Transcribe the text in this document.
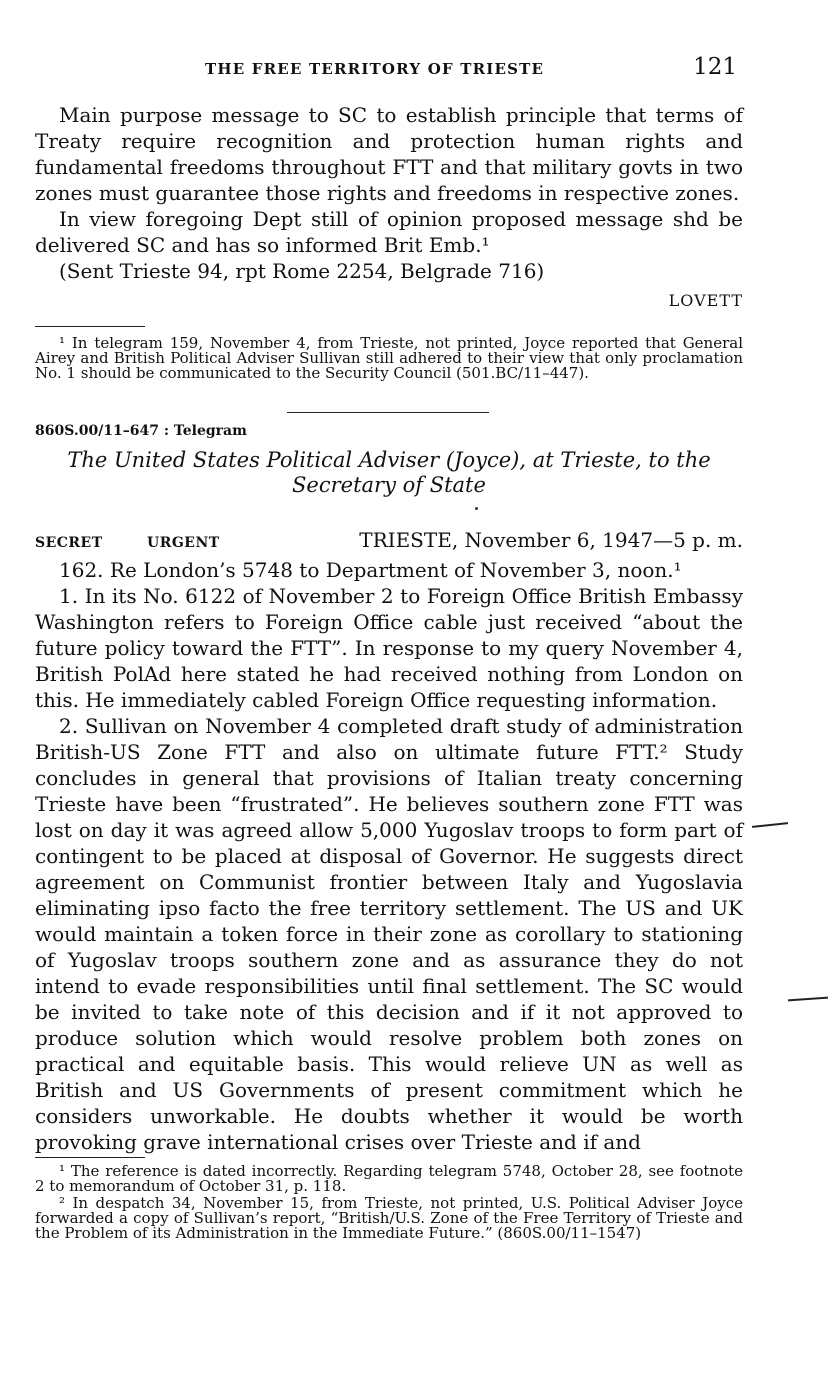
THE FREE TERRITORY OF TRIESTE	121

Main purpose message to SC to establish principle that terms of Treaty require recognition and protection human rights and fundamental freedoms throughout FTT and that military govts in two zones must guarantee those rights and freedoms in respective zones.

In view foregoing Dept still of opinion proposed message shd be delivered SC and has so informed Brit Emb.¹

(Sent Trieste 94, rpt Rome 2254, Belgrade 716)

LOVETT

¹ In telegram 159, November 4, from Trieste, not printed, Joyce reported that General Airey and British Political Adviser Sullivan still adhered to their view that only proclamation No. 1 should be communicated to the Security Council (501.BC/11–447).

860S.00/11–647 : Telegram
The United States Political Adviser (Joyce), at Trieste, to the
Secretary of State
SECRET	URGENT	TRIESTE, November 6, 1947—5 p. m.

162. Re London’s 5748 to Department of November 3, noon.¹

1. In its No. 6122 of November 2 to Foreign Office British Embassy Washington refers to Foreign Office cable just received “about the future policy toward the FTT”. In response to my query November 4, British PolAd here stated he had received nothing from London on this. He immediately cabled Foreign Office requesting information.

2. Sullivan on November 4 completed draft study of administration British-US Zone FTT and also on ultimate future FTT.² Study concludes in general that provisions of Italian treaty concerning Trieste have been “frustrated”. He believes southern zone FTT was lost on day it was agreed allow 5,000 Yugoslav troops to form part of contingent to be placed at disposal of Governor. He suggests direct agreement on Communist frontier between Italy and Yugoslavia eliminating ipso facto the free territory settlement. The US and UK would maintain a token force in their zone as corollary to stationing of Yugoslav troops southern zone and as assurance they do not intend to evade responsibilities until final settlement. The SC would be invited to take note of this decision and if it not approved to produce solution which would resolve problem both zones on practical and equitable basis. This would relieve UN as well as British and US Governments of present commitment which he considers unworkable. He doubts whether it would be worth provoking grave international crises over Trieste and if and

¹ The reference is dated incorrectly. Regarding telegram 5748, October 28, see footnote 2 to memorandum of October 31, p. 118.

² In despatch 34, November 15, from Trieste, not printed, U.S. Political Adviser Joyce forwarded a copy of Sullivan’s report, “British/U.S. Zone of the Free Territory of Trieste and the Problem of its Administration in the Immediate Future.” (860S.00/11–1547)
